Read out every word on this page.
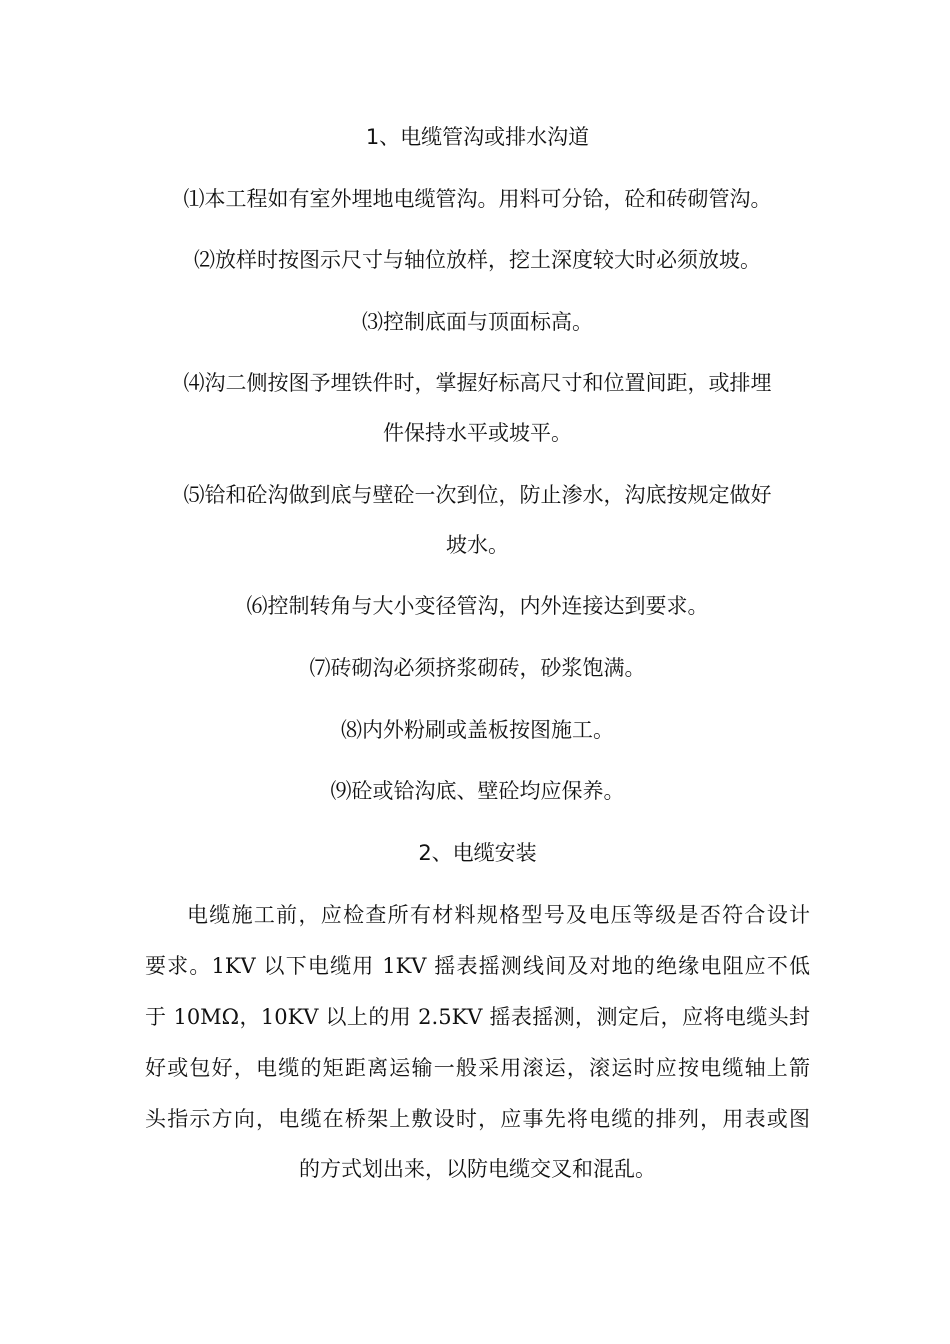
1、电缆管沟或排水沟道
⑴本工程如有室外埋地电缆管沟。用料可分铪，砼和砖砌管沟。
⑵放样时按图示尺寸与轴位放样，挖土深度较大时必须放坡。
⑶控制底面与顶面标高。
⑷沟二侧按图予埋铁件时，掌握好标高尺寸和位置间距，或排埋
件保持水平或坡平。
⑸铪和砼沟做到底与壁砼一次到位，防止渗水，沟底按规定做好
坡水。
⑹控制转角与大小变径管沟，内外连接达到要求。
⑺砖砌沟必须挤浆砌砖，砂浆饱满。
⑻内外粉刷或盖板按图施工。
⑼砼或铪沟底、壁砼均应保养。
2、电缆安装
电缆施工前，应检查所有材料规格型号及电压等级是否符合设计
要求。1KV 以下电缆用 1KV 摇表摇测线间及对地的绝缘电阻应不低
于 10MΩ，10KV 以上的用 2.5KV 摇表摇测，测定后，应将电缆头封
好或包好，电缆的矩距离运输一般采用滚运，滚运时应按电缆轴上箭
头指示方向，电缆在桥架上敷设时，应事先将电缆的排列，用表或图
的方式划出来，以防电缆交叉和混乱。
